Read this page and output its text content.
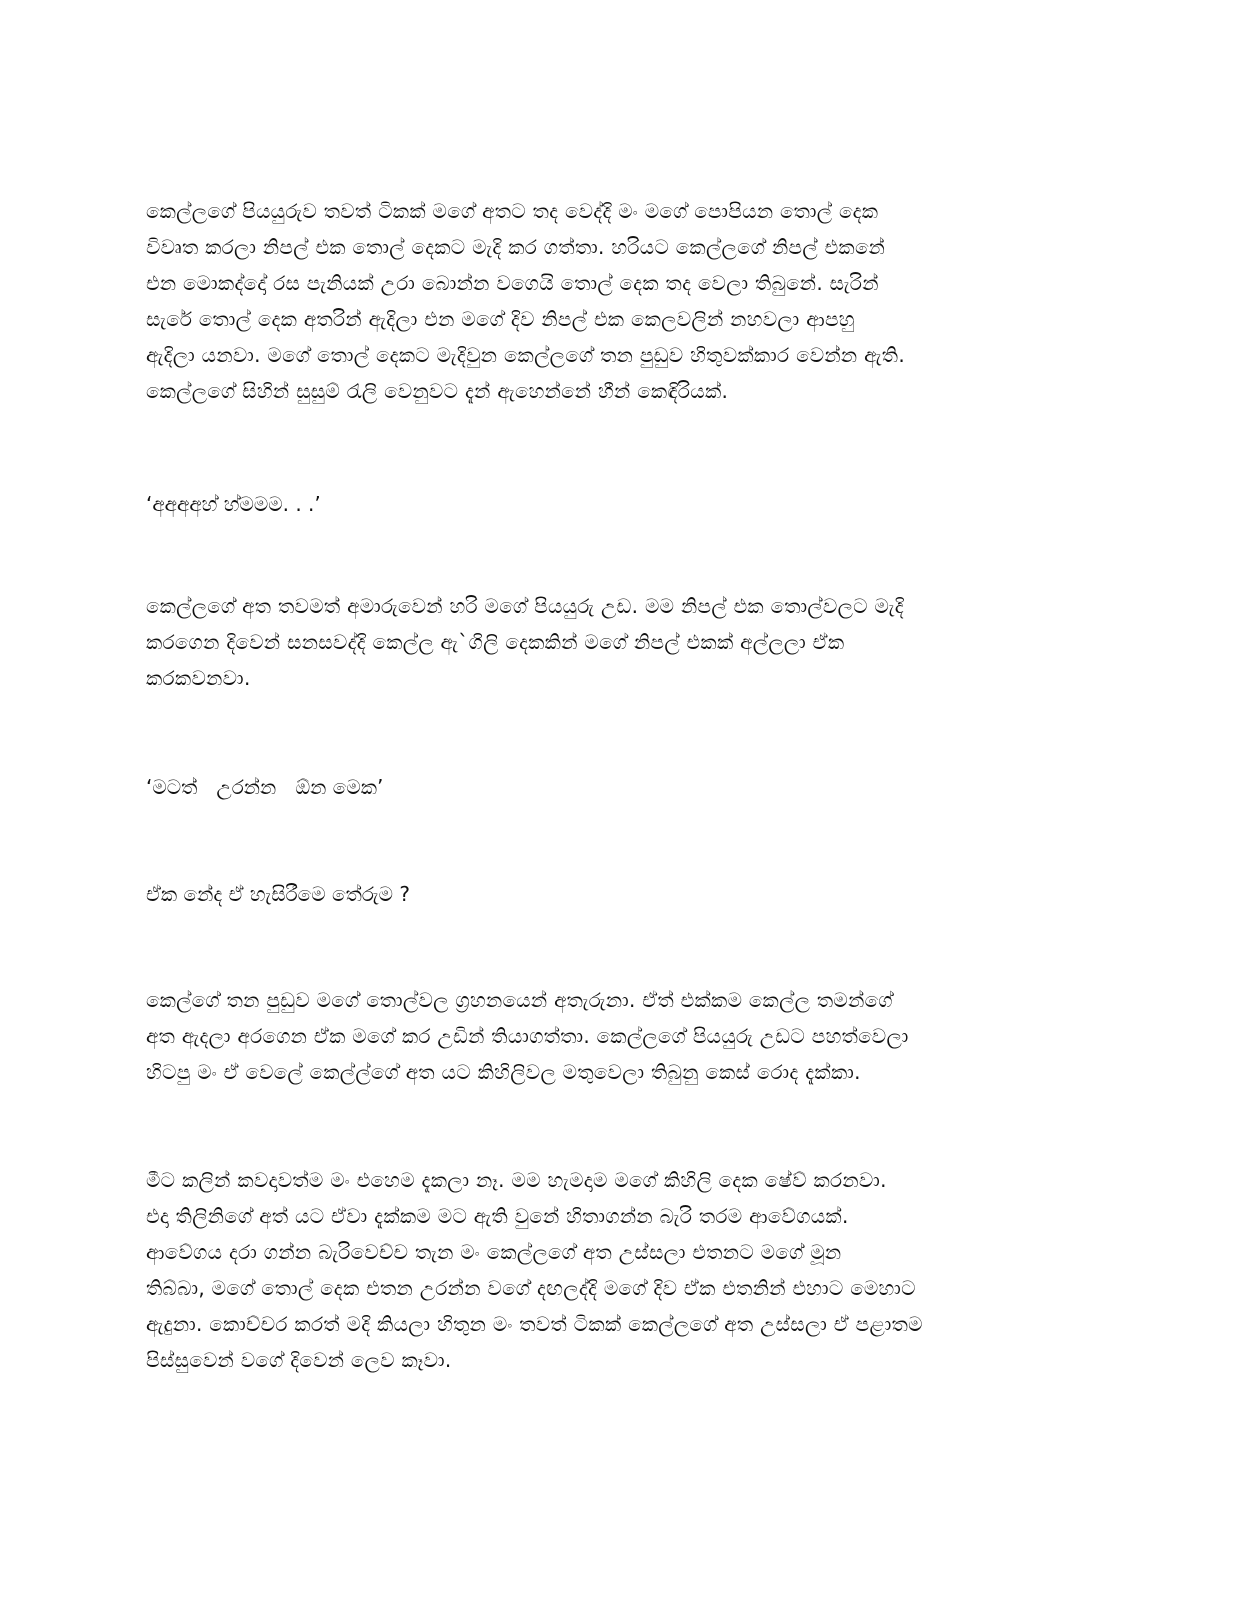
කෙල්ලගේ පියයුරුව තවත් ටිකක් මගේ අතට තද වෙද්දි මං මගේ පොපියන තොල් දෙක
විවෘත කරලා නිපල් එක තොල් දෙකට මැදි කර ගත්තා. හරියට කෙල්ලගේ නිපල් එකනේ
එන මොකද්දෝ රස පැනියක් උරා බොන්න වගෙයි තොල් දෙක තද වෙලා තිබුනේ. සැරින්
සැරේ තොල් දෙක අතරින් ඇදිලා එන මගේ දිව නිපල් එක කෙලවලින් නහවලා ආපහු
ඇදිලා යනවා. මගේ තොල් දෙකට මැදිවුන කෙල්ලගේ තන පුඩුව හිතුවක්කාර වෙන්න ඇති.
කෙල්ලගේ සිහින් සුසුම් රැලි වෙනුවට දැන් ඇහෙන්නේ හීන් කෙඳිරියක්.
‘අඅඅඅහ් හ්මමම. . .’
කෙල්ලගේ අත තවමත් අමාරුවෙන් හරි මගේ පියයුරු උඩ. මම නිපල් එක තොල්වලට මැදි
කරගෙන දිවෙන් සනසවද්දි කෙල්ල ඇ`ගිලි දෙකකින් මගේ නිපල් එකක් අල්ලලා ඒක
කරකවනවා.
‘මටත්   උරන්න   ඕන මෙක’
ඒක නේද ඒ හැසිරීමෙ තේරුම ?
කෙල්ගේ තන පුඩුව මගේ තොල්වල ග්‍රහනයෙන් අතැරුනා. ඒත් එක්කම කෙල්ල තමන්ගේ
අත ඇදලා අරගෙන ඒක මගේ කර උඩින් තියාගත්තා. කෙල්ලගේ පියයුරු උඩට පහත්වෙලා
හිටපු මං ඒ වෙලේ කෙල්ල්ගේ අත යට කිහිලිවල මතුවෙලා තිබුනු කෙස් රොද දැක්කා.
මීට කලින් කවදාවත්ම මං එහෙම දැකලා නෑ. මම හැමදාම මගේ කිහිලි දෙක ෂේව් කරනවා.
එදා තිලිනිගේ අත් යට ඒවා දැක්කම මට ඇති වුනේ හිතාගන්න බැරි තරම ආවේගයක්.
ආවේගය දරා ගන්න බැරිවෙච්ච තැන මං කෙල්ලගේ අත උස්සලා එතනට මගේ මූන
තිබ්බා, මගේ තොල් දෙක එතන උරන්න වගේ දඟලද්දි මගේ දිව ඒක එතනින් එහාට මෙහාට
ඇදුනා. කොච්චර කරත් මදි කියලා හිතුන මං තවත් ටිකක් කෙල්ලගේ අත උස්සලා ඒ පළාතම
පිස්සුවෙන් වගේ දිවෙන් ලෙව කෑවා.
